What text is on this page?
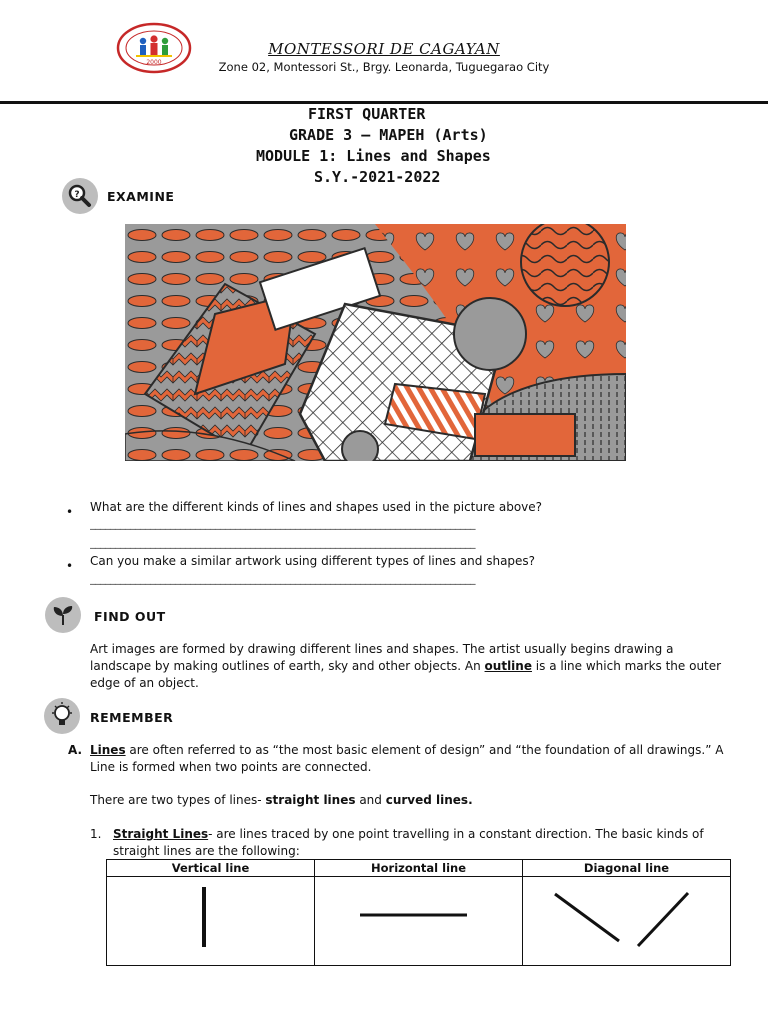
2000
MONTESSORI DE CAGAYAN
Zone 02, Montessori St., Brgy. Leonarda, Tuguegarao City
FIRST QUARTER
GRADE 3 – MAPEH (Arts)
MODULE 1: Lines and Shapes
S.Y.-2021-2022
? EXAMINE
• What are the different kinds of lines and shapes used in the picture above?
_____________________________________________________________________________
_____________________________________________________________________________
• Can you make a similar artwork using different types of lines and shapes?
_____________________________________________________________________________
FIND OUT
Art images are formed by drawing different lines and shapes. The artist usually begins drawing a landscape by making outlines of earth, sky and other objects. An outline is a line which marks the outer edge of an object.
REMEMBER
A. Lines are often referred to as “the most basic element of design” and “the foundation of all drawings.” A Line is formed when two points are connected.
There are two types of lines- straight lines and curved lines.
1. Straight Lines- are lines traced by one point travelling in a constant direction. The basic kinds of straight lines are the following:
Vertical line	Horizontal line	Diagonal line
